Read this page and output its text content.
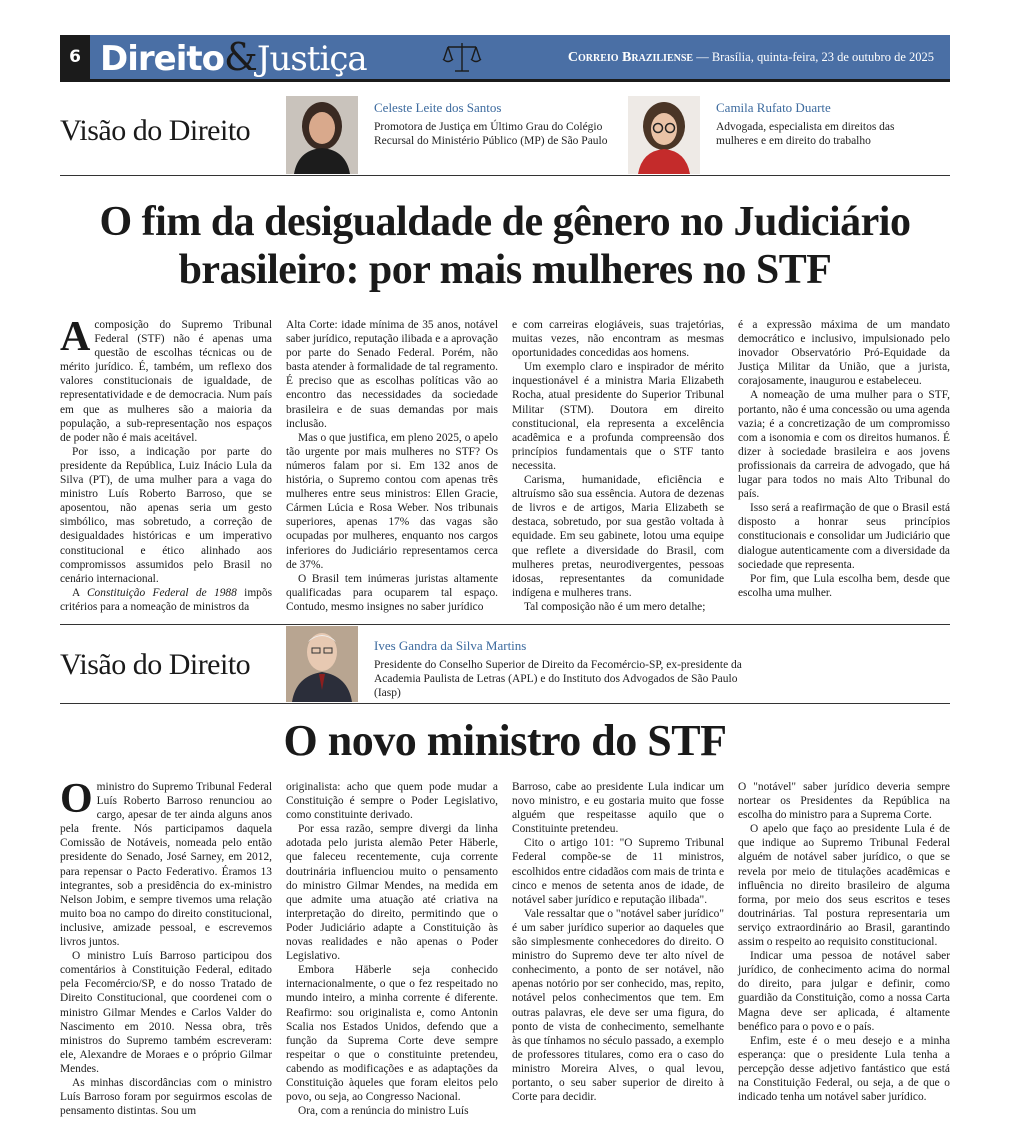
6 Direito&Justiça	Correio Braziliense — Brasília, quinta-feira, 23 de outubro de 2025
Visão do Direito
Celeste Leite dos Santos
Promotora de Justiça em Último Grau do Colégio Recursal do Ministério Público (MP) de São Paulo
Camila Rufato Duarte
Advogada, especialista em direitos das mulheres e em direito do trabalho
O fim da desigualdade de gênero no Judiciário
brasileiro: por mais mulheres no STF

Acomposição do Supremo Tribunal Federal (STF) não é apenas uma questão de escolhas técnicas ou de mérito jurídico. É, também, um reflexo dos valores constitucionais de igualdade, de representatividade e de democracia. Num país em que as mulheres são a maioria da população, a sub-representação nos espaços de poder não é mais aceitável.

Por isso, a indicação por parte do presidente da República, Luiz Inácio Lula da Silva (PT), de uma mulher para a vaga do ministro Luís Roberto Barroso, que se aposentou, não apenas seria um gesto simbólico, mas sobretudo, a correção de desigualdades históricas e um imperativo constitucional e ético alinhado aos compromissos assumidos pelo Brasil no cenário internacional.

A Constituição Federal de 1988 impõs critérios para a nomeação de ministros da

Alta Corte: idade mínima de 35 anos, notável saber jurídico, reputação ilibada e a aprovação por parte do Senado Federal. Porém, não basta atender à formalidade de tal regramento. É preciso que as escolhas políticas vão ao encontro das necessidades da sociedade brasileira e de suas demandas por mais inclusão.

Mas o que justifica, em pleno 2025, o apelo tão urgente por mais mulheres no STF? Os números falam por si. Em 132 anos de história, o Supremo contou com apenas três mulheres entre seus ministros: Ellen Gracie, Cármen Lúcia e Rosa Weber. Nos tribunais superiores, apenas 17% das vagas são ocupadas por mulheres, enquanto nos cargos inferiores do Judiciário representamos cerca de 37%.

O Brasil tem inúmeras juristas altamente qualificadas para ocuparem tal espaço. Contudo, mesmo insignes no saber jurídico

e com carreiras elogiáveis, suas trajetórias, muitas vezes, não encontram as mesmas oportunidades concedidas aos homens.

Um exemplo claro e inspirador de mérito inquestionável é a ministra Maria Elizabeth Rocha, atual presidente do Superior Tribunal Militar (STM). Doutora em direito constitucional, ela representa a excelência acadêmica e a profunda compreensão dos princípios fundamentais que o STF tanto necessita.

Carisma, humanidade, eficiência e altruísmo são sua essência. Autora de dezenas de livros e de artigos, Maria Elizabeth se destaca, sobretudo, por sua gestão voltada à equidade. Em seu gabinete, lotou uma equipe que reflete a diversidade do Brasil, com mulheres pretas, neurodivergentes, pessoas idosas, representantes da comunidade indígena e mulheres trans.

Tal composição não é um mero detalhe;

é a expressão máxima de um mandato democrático e inclusivo, impulsionado pelo inovador Observatório Pró-Equidade da Justiça Militar da União, que a jurista, corajosamente, inaugurou e estabeleceu.

A nomeação de uma mulher para o STF, portanto, não é uma concessão ou uma agenda vazia; é a concretização de um compromisso com a isonomia e com os direitos humanos. É dizer à sociedade brasileira e aos jovens profissionais da carreira de advogado, que há lugar para todos no mais Alto Tribunal do país.

Isso será a reafirmação de que o Brasil está disposto a honrar seus princípios constitucionais e consolidar um Judiciário que dialogue autenticamente com a diversidade da sociedade que representa.

Por fim, que Lula escolha bem, desde que escolha uma mulher.

Visão do Direito
Ives Gandra da Silva Martins
Presidente do Conselho Superior de Direito da Fecomércio-SP, ex-presidente da Academia Paulista de Letras (APL) e do Instituto dos Advogados de São Paulo (Iasp)
O novo ministro do STF

Oministro do Supremo Tribunal Federal Luís Roberto Barroso renunciou ao cargo, apesar de ter ainda alguns anos pela frente. Nós participamos daquela Comissão de Notáveis, nomeada pelo então presidente do Senado, José Sarney, em 2012, para repensar o Pacto Federativo. Éramos 13 integrantes, sob a presidência do ex-ministro Nelson Jobim, e sempre tivemos uma relação muito boa no campo do direito constitucional, inclusive, amizade pessoal, e escrevemos livros juntos.

O ministro Luís Barroso participou dos comentários à Constituição Federal, editado pela Fecomércio/SP, e do nosso Tratado de Direito Constitucional, que coordenei com o ministro Gilmar Mendes e Carlos Valder do Nascimento em 2010. Nessa obra, três ministros do Supremo também escreveram: ele, Alexandre de Moraes e o próprio Gilmar Mendes.

As minhas discordâncias com o ministro Luís Barroso foram por seguirmos escolas de pensamento distintas. Sou um

originalista: acho que quem pode mudar a Constituição é sempre o Poder Legislativo, como constituinte derivado.

Por essa razão, sempre divergi da linha adotada pelo jurista alemão Peter Häberle, que faleceu recentemente, cuja corrente doutrinária influenciou muito o pensamento do ministro Gilmar Mendes, na medida em que admite uma atuação até criativa na interpretação do direito, permitindo que o Poder Judiciário adapte a Constituição às novas realidades e não apenas o Poder Legislativo.

Embora Häberle seja conhecido internacionalmente, o que o fez respeitado no mundo inteiro, a minha corrente é diferente. Reafirmo: sou originalista e, como Antonin Scalia nos Estados Unidos, defendo que a função da Suprema Corte deve sempre respeitar o que o constituinte pretendeu, cabendo as modificações e as adaptações da Constituição àqueles que foram eleitos pelo povo, ou seja, ao Congresso Nacional.

Ora, com a renúncia do ministro Luís

Barroso, cabe ao presidente Lula indicar um novo ministro, e eu gostaria muito que fosse alguém que respeitasse aquilo que o Constituinte pretendeu.

Cito o artigo 101: "O Supremo Tribunal Federal compõe-se de 11 ministros, escolhidos entre cidadãos com mais de trinta e cinco e menos de setenta anos de idade, de notável saber jurídico e reputação ilibada".

Vale ressaltar que o "notável saber jurídico" é um saber jurídico superior ao daqueles que são simplesmente conhecedores do direito. O ministro do Supremo deve ter alto nível de conhecimento, a ponto de ser notável, não apenas notório por ser conhecido, mas, repito, notável pelos conhecimentos que tem. Em outras palavras, ele deve ser uma figura, do ponto de vista de conhecimento, semelhante às que tínhamos no século passado, a exemplo de professores titulares, como era o caso do ministro Moreira Alves, o qual levou, portanto, o seu saber superior de direito à Corte para decidir.

O "notável" saber jurídico deveria sempre nortear os Presidentes da República na escolha do ministro para a Suprema Corte.

O apelo que faço ao presidente Lula é de que indique ao Supremo Tribunal Federal alguém de notável saber jurídico, o que se revela por meio de titulações acadêmicas e influência no direito brasileiro de alguma forma, por meio dos seus escritos e teses doutrinárias. Tal postura representaria um serviço extraordinário ao Brasil, garantindo assim o respeito ao requisito constitucional.

Indicar uma pessoa de notável saber jurídico, de conhecimento acima do normal do direito, para julgar e definir, como guardião da Constituição, como a nossa Carta Magna deve ser aplicada, é altamente benéfico para o povo e o país.

Enfim, este é o meu desejo e a minha esperança: que o presidente Lula tenha a percepção desse adjetivo fantástico que está na Constituição Federal, ou seja, a de que o indicado tenha um notável saber jurídico.
